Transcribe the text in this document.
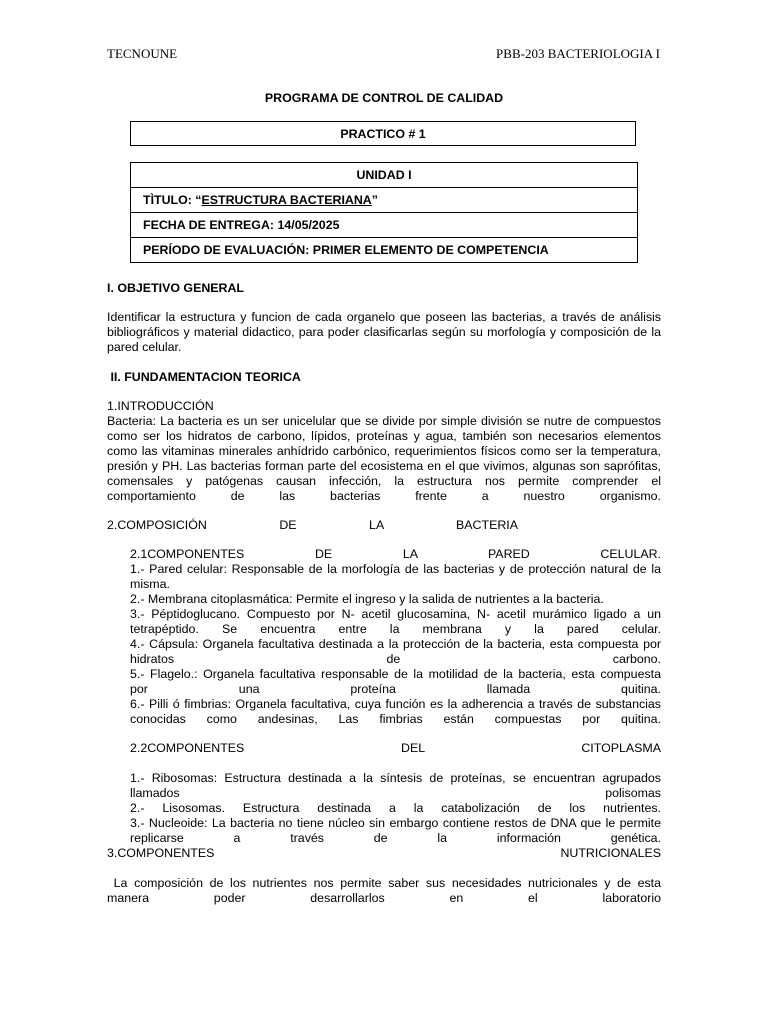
TECNOUNE	PBB-203 BACTERIOLOGIA I
PROGRAMA DE CONTROL DE CALIDAD
PRACTICO # 1
UNIDAD I
TÌTULO: “ESTRUCTURA BACTERIANA”
FECHA DE ENTREGA: 14/05/2025
PERÍODO DE EVALUACIÓN: PRIMER ELEMENTO DE COMPETENCIA
I. OBJETIVO GENERAL
Identificar la estructura y funcion de cada organelo que poseen las bacterias, a través de análisis
bibliográficos y material didactico, para poder clasificarlas según su morfología y composición de la
pared celular.
II. FUNDAMENTACION TEORICA
1.INTRODUCCIÓN
Bacteria: La bacteria es un ser unicelular que se divide por simple división se nutre de compuestos
como ser los hidratos de carbono, lípidos, proteínas y agua, también son necesarios elementos
como las vitaminas minerales anhídrido carbónico, requerimientos físicos como ser la temperatura,
presión y PH. Las bacterias forman parte del ecosistema en el que vivimos, algunas son saprófitas,
comensales y patógenas causan infección, la estructura nos permite comprender el
comportamiento de las bacterias frente a nuestro organismo.
2.COMPOSICIÓN DE LA BACTERIA
2.1COMPONENTES DE LA PARED CELULAR.
1.- Pared celular: Responsable de la morfología de las bacterias y de protección natural de la
misma.
2.- Membrana citoplasmática: Permite el ingreso y la salida de nutrientes a la bacteria.
3.- Péptidoglucano. Compuesto por N- acetil glucosamina, N- acetil murámico ligado a un
tetrapéptido. Se encuentra entre la membrana y la pared celular.
4.- Cápsula: Organela facultativa destinada a la protección de la bacteria, esta compuesta por
hidratos de carbono.
5.- Flagelo.: Organela facultativa responsable de la motilidad de la bacteria, esta compuesta
por una proteína llamada quitina.
6.- Pilli ó fimbrias: Organela facultativa, cuya función es la adherencia a través de substancias
conocidas como andesinas, Las fimbrias están compuestas por quitina.
2.2COMPONENTES DEL CITOPLASMA
1.- Ribosomas: Estructura destinada a la síntesis de proteínas, se encuentran agrupados
llamados polisomas
2.- Lisosomas. Estructura destinada a la catabolización de los nutrientes.
3.- Nucleoide: La bacteria no tiene núcleo sin embargo contiene restos de DNA que le permite
replicarse a través de la información genética.
3.COMPONENTES NUTRICIONALES
La composición de los nutrientes nos permite saber sus necesidades nutricionales y de esta
manera poder desarrollarlos en el laboratorio
